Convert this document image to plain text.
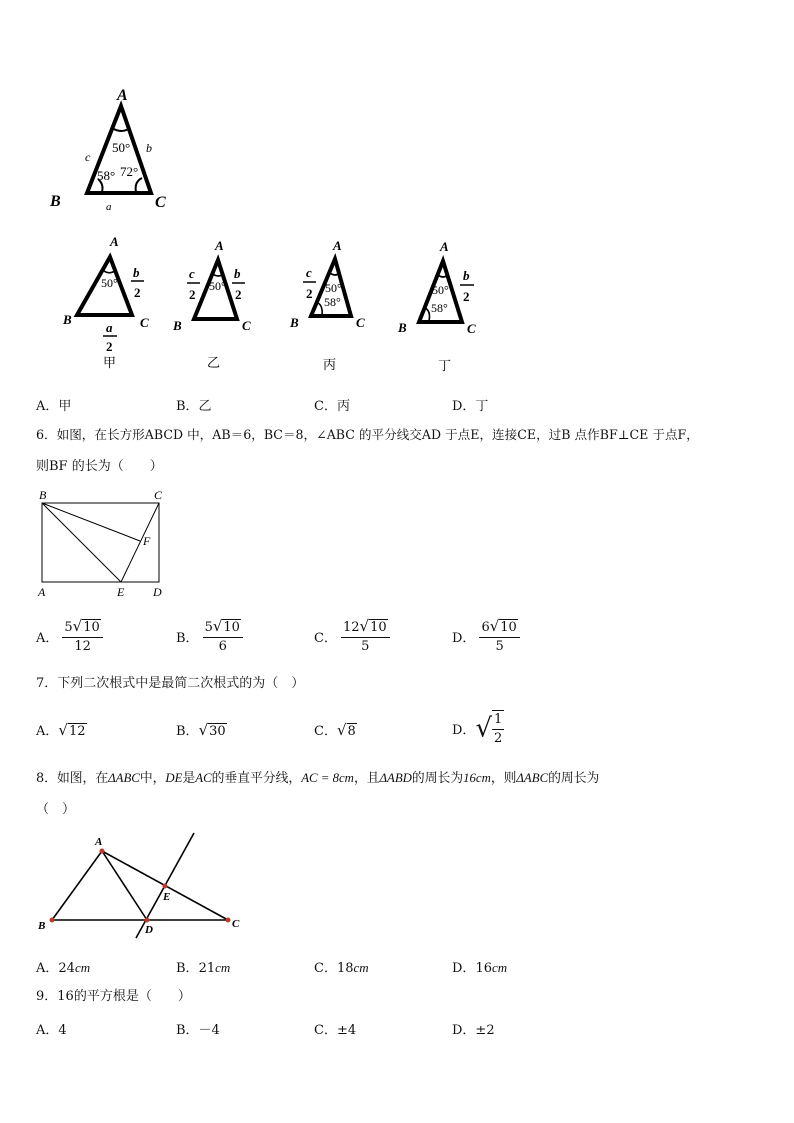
A
B	C
c
b
a
50°
58° 72°
A
B	C
50°
b
2
a
2
甲
A
B	C
50°
c
2
b
2
乙
A
B	C
50°
58°
c
2
丙
A
B	C
50°
58°
b
2
丁
A．甲	B．乙	C．丙	D．丁
6．如图，在长方形ABCD 中，AB＝6，BC＝8，∠ABC 的平分线交AD 于点E，连接CE，过B 点作BF⊥CE 于点F，
则BF 的长为（　　）
B	C
A	E D
F
A． $\frac{5√10}{12}$	B． $\frac{5√10}{6}$	C． $\frac{12√10}{5}$	D． $\frac{6√10}{5}$
7．下列二次根式中是最简二次根式的为（　）
A．√12	B．√30	C．√8	D．√ $\frac{1}{2}$
8．如图，在ΔABC中，DE是AC的垂直平分线，AC = 8cm，且ΔABD的周长为16cm，则ΔABC的周长为
（　）
A
B	C
D
E
A．24cm	B．21cm	C．18cm	D．16cm
9．16的平方根是（　　）
A．4	B．－4	C．±4	D．±2
